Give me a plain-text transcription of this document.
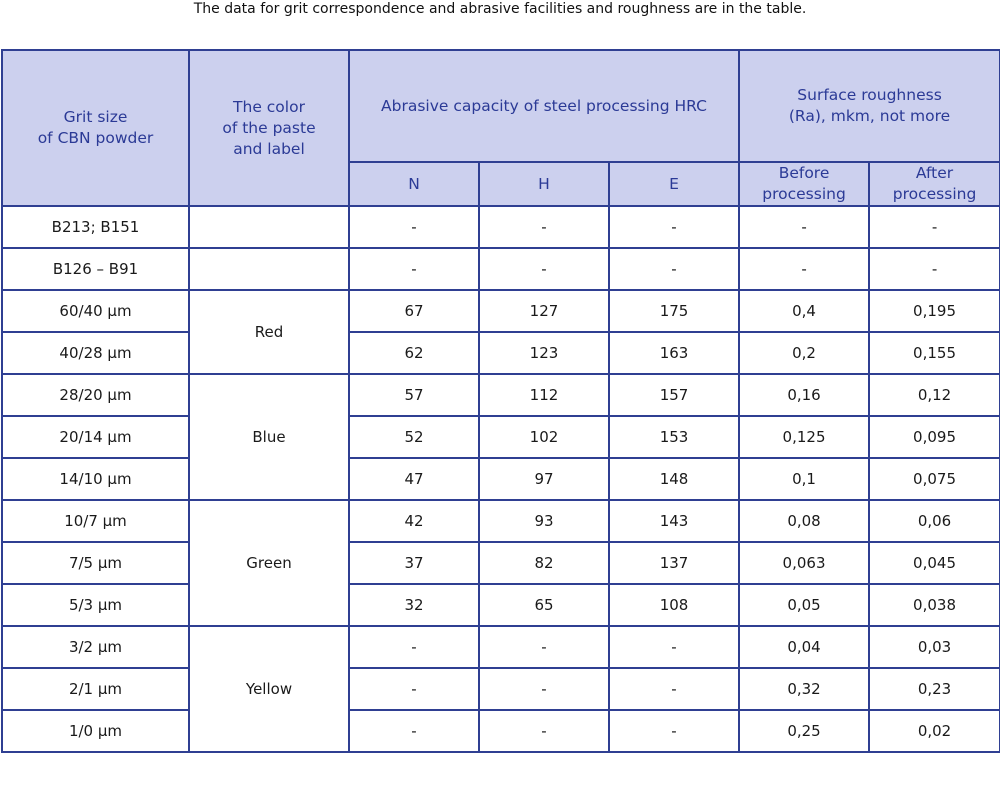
The data for grit correspondence and abrasive facilities and roughness are in the table.
Grit size
of CBN powder	The color
of the paste
and label	Abrasive capacity of steel processing HRC			Surface roughness
(Ra), mkm, not more	

		N	H	E	Before
processing	After
processing

B213; B151		-	-	-	-	-
B126 – B91		-	-	-	-	-
60/40 µm	Red	67	127	175	0,4	0,195
40/28 µm		62	123	163	0,2	0,155
28/20 µm	Blue	57	112	157	0,16	0,12
20/14 µm		52	102	153	0,125	0,095
14/10 µm		47	97	148	0,1	0,075
10/7 µm	Green	42	93	143	0,08	0,06
7/5 µm		37	82	137	0,063	0,045
5/3 µm		32	65	108	0,05	0,038
3/2 µm	Yellow	-	-	-	0,04	0,03
2/1 µm		-	-	-	0,32	0,23
1/0 µm		-	-	-	0,25	0,02
